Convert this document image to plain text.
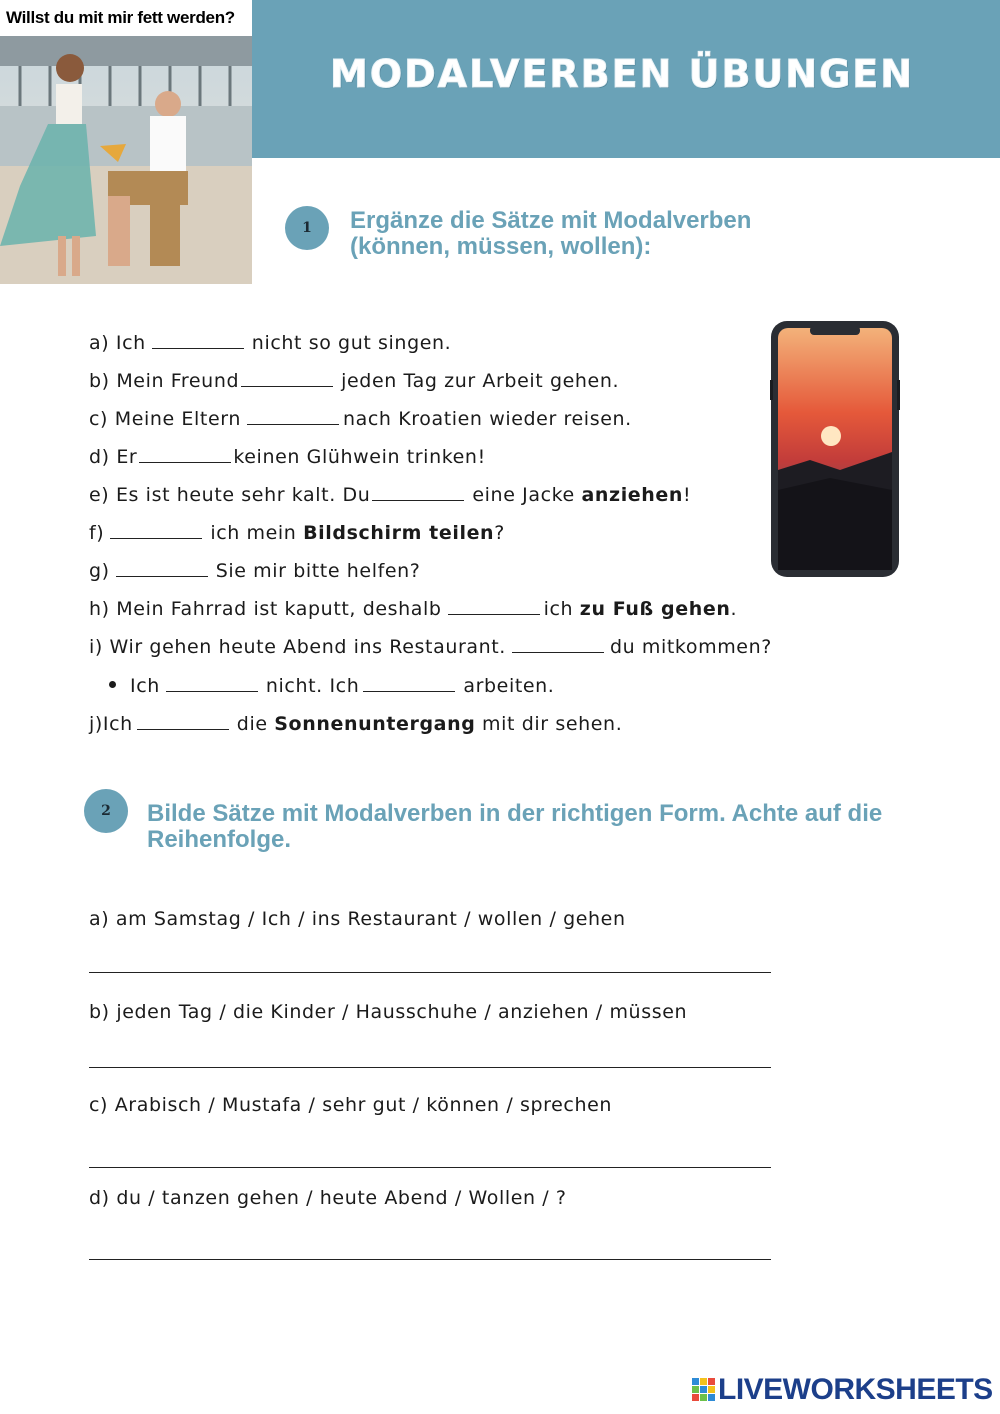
Willst du mit mir fett werden?
MODALVERBEN ÜBUNGEN
1	Ergänze die Sätze mit Modalverben
(können, müssen, wollen):
a) Ich	nicht so gut singen.
b) Mein Freund	jeden Tag zur Arbeit gehen.
c) Meine Eltern	nach Kroatien wieder reisen.
d) Er	keinen Glühwein trinken!
e) Es ist heute sehr kalt. Du	eine Jacke anziehen!
f)	ich mein Bildschirm teilen?
g)	Sie mir bitte helfen?
h) Mein Fahrrad ist kaputt, deshalb	ich zu Fuß gehen.
i) Wir gehen heute Abend ins Restaurant.	du mitkommen?
Ich	nicht. Ich	arbeiten.
j)Ich	die Sonnenuntergang mit dir sehen.
2	Bilde Sätze mit Modalverben in der richtigen Form. Achte auf die
Reihenfolge.
a) am Samstag / Ich / ins Restaurant / wollen / gehen
b) jeden Tag / die Kinder / Hausschuhe / anziehen / müssen
c) Arabisch / Mustafa / sehr gut / können / sprechen
d) du / tanzen gehen / heute Abend / Wollen / ?
LIVEWORKSHEETS
